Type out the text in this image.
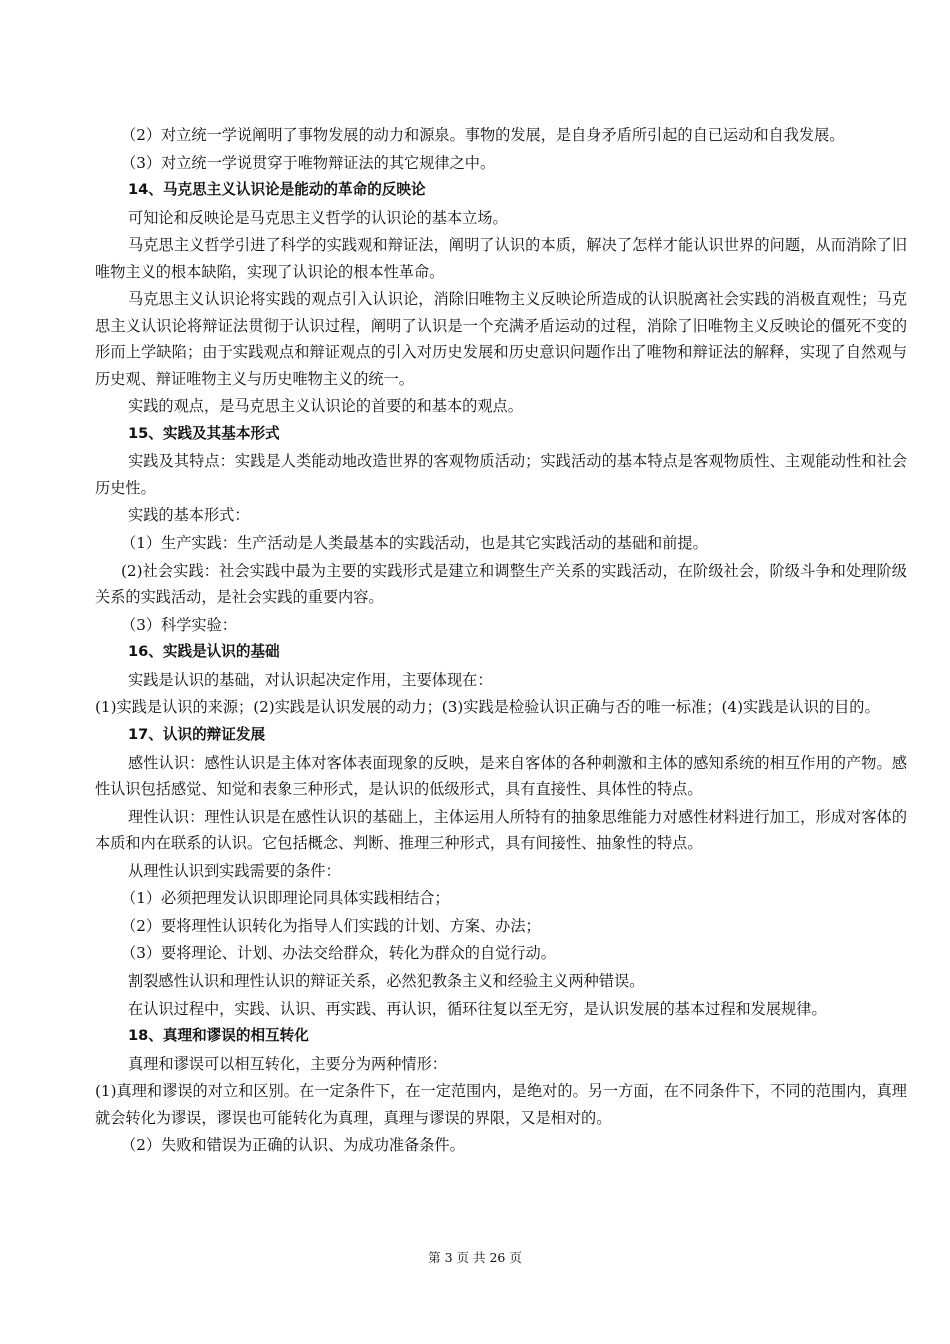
（2）对立统一学说阐明了事物发展的动力和源泉。事物的发展，是自身矛盾所引起的自已运动和自我发展。

（3）对立统一学说贯穿于唯物辩证法的其它规律之中。

14、马克思主义认识论是能动的革命的反映论

可知论和反映论是马克思主义哲学的认识论的基本立场。

马克思主义哲学引进了科学的实践观和辩证法，阐明了认识的本质，解决了怎样才能认识世界的问题，从而消除了旧唯物主义的根本缺陷，实现了认识论的根本性革命。

马克思主义认识论将实践的观点引入认识论，消除旧唯物主义反映论所造成的认识脱离社会实践的消极直观性；马克思主义认识论将辩证法贯彻于认识过程，阐明了认识是一个充满矛盾运动的过程，消除了旧唯物主义反映论的僵死不变的形而上学缺陷；由于实践观点和辩证观点的引入对历史发展和历史意识问题作出了唯物和辩证法的解释，实现了自然观与历史观、辩证唯物主义与历史唯物主义的统一。

实践的观点，是马克思主义认识论的首要的和基本的观点。

15、实践及其基本形式

实践及其特点：实践是人类能动地改造世界的客观物质活动；实践活动的基本特点是客观物质性、主观能动性和社会历史性。

实践的基本形式：

（1）生产实践：生产活动是人类最基本的实践活动，也是其它实践活动的基础和前提。

(2)社会实践：社会实践中最为主要的实践形式是建立和调整生产关系的实践活动，在阶级社会，阶级斗争和处理阶级关系的实践活动，是社会实践的重要内容。

（3）科学实验：

16、实践是认识的基础

实践是认识的基础，对认识起决定作用，主要体现在：

(1)实践是认识的来源；(2)实践是认识发展的动力；(3)实践是检验认识正确与否的唯一标准；(4)实践是认识的目的。

17、认识的辩证发展

感性认识：感性认识是主体对客体表面现象的反映，是来自客体的各种刺激和主体的感知系统的相互作用的产物。感性认识包括感觉、知觉和表象三种形式，是认识的低级形式，具有直接性、具体性的特点。

理性认识：理性认识是在感性认识的基础上，主体运用人所特有的抽象思维能力对感性材料进行加工，形成对客体的本质和内在联系的认识。它包括概念、判断、推理三种形式，具有间接性、抽象性的特点。

从理性认识到实践需要的条件：

（1）必须把理发认识即理论同具体实践相结合；

（2）要将理性认识转化为指导人们实践的计划、方案、办法；

（3）要将理论、计划、办法交给群众，转化为群众的自觉行动。

割裂感性认识和理性认识的辩证关系，必然犯教条主义和经验主义两种错误。

在认识过程中，实践、认识、再实践、再认识，循环往复以至无穷，是认识发展的基本过程和发展规律。

18、真理和谬误的相互转化

真理和谬误可以相互转化，主要分为两种情形：

(1)真理和谬误的对立和区别。在一定条件下，在一定范围内，是绝对的。另一方面，在不同条件下，不同的范围内，真理就会转化为谬误，谬误也可能转化为真理，真理与谬误的界限，又是相对的。

（2）失败和错误为正确的认识、为成功准备条件。

第 3 页 共 26 页
